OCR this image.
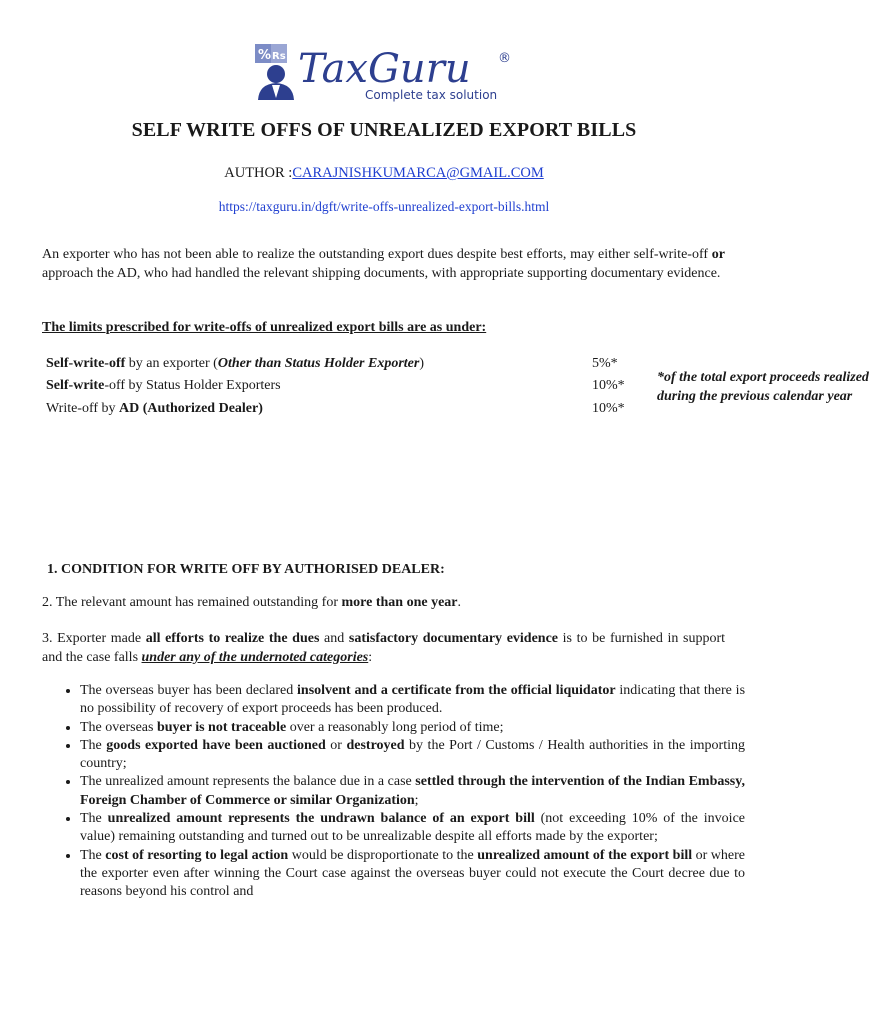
% Rs TaxGuru ®
Complete tax solution
SELF WRITE OFFS OF UNREALIZED EXPORT BILLS
AUTHOR :CARAJNISHKUMARCA@GMAIL.COM
https://taxguru.in/dgft/write-offs-unrealized-export-bills.html

An exporter who has not been able to realize the outstanding export dues despite best efforts, may either self-write-off or approach the AD, who had handled the relevant shipping documents, with appropriate supporting documentary evidence.

The limits prescribed for write-offs of unrealized export bills are as under:
Self-write-off by an exporter (Other than Status Holder Exporter)	5%*
Self-write-off by Status Holder Exporters	10%*
Write-off by AD (Authorized Dealer)	10%*
*of the total export proceeds realized
during the previous calendar year
1. CONDITION FOR WRITE OFF BY AUTHORISED DEALER:
2. The relevant amount has remained outstanding for more than one year.
3. Exporter made all efforts to realize the dues and satisfactory documentary evidence is to be furnished in support and the case falls under any of the undernoted categories:
• The overseas buyer has been declared insolvent and a certificate from the official liquidator indicating that there is no possibility of recovery of export proceeds has been produced.
• The overseas buyer is not traceable over a reasonably long period of time;
• The goods exported have been auctioned or destroyed by the Port / Customs / Health authorities in the importing country;
• The unrealized amount represents the balance due in a case settled through the intervention of the Indian Embassy, Foreign Chamber of Commerce or similar Organization;
• The unrealized amount represents the undrawn balance of an export bill (not exceeding 10% of the invoice value) remaining outstanding and turned out to be unrealizable despite all efforts made by the exporter;
• The cost of resorting to legal action would be disproportionate to the unrealized amount of the export bill or where the exporter even after winning the Court case against the overseas buyer could not execute the Court decree due to reasons beyond his control and
